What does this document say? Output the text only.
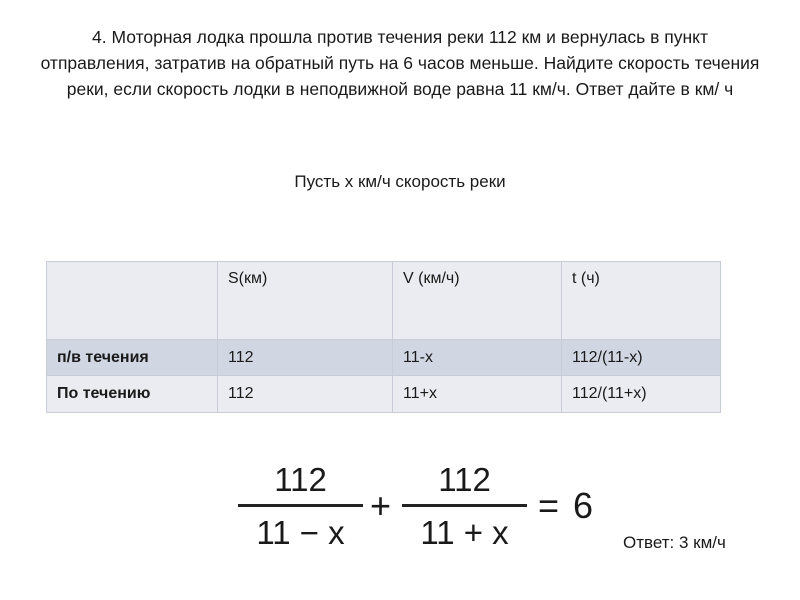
4. Моторная лодка прошла против течения реки 112 км и вернулась в пункт отправления, затратив на обратный путь на 6 часов меньше. Найдите скорость течения реки, если скорость лодки в неподвижной воде равна 11 км/ч. Ответ дайте в км/ ч
Пусть х км/ч скорость реки
	S(км)	V (км/ч)	t (ч)
п/в течения	112	11-х	112/(11-х)
По течению	112	11+х	112/(11+х)
112
11 − x
+
112
11 + x
= 6
Ответ: 3 км/ч
